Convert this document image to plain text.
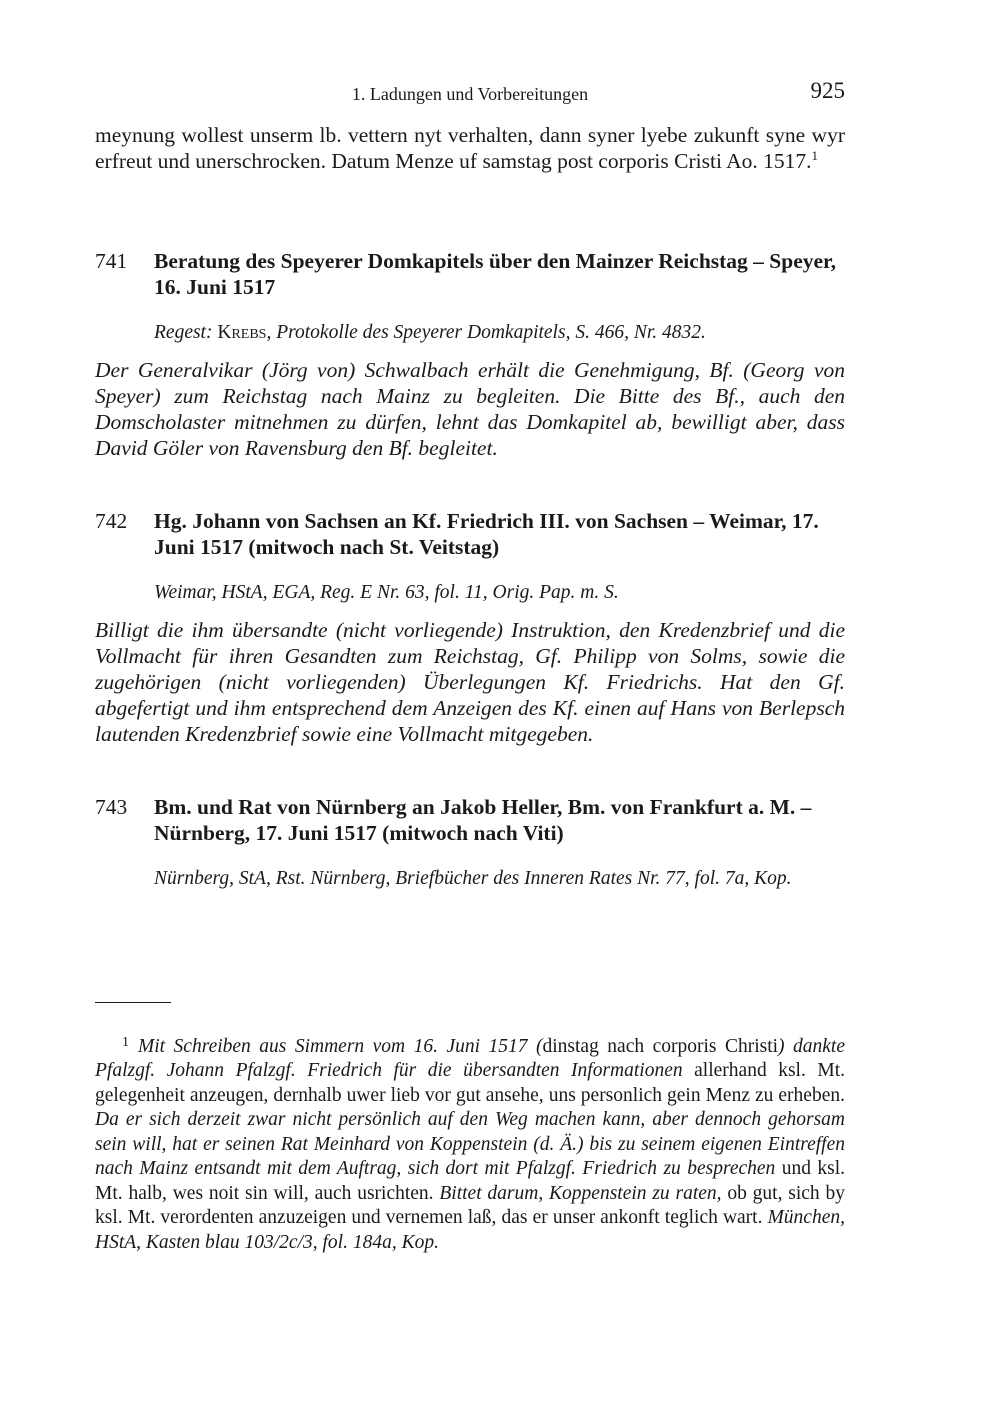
1. Ladungen und Vorbereitungen	925

meynung wollest unserm lb. vettern nyt verhalten, dann syner lyebe zukunft syne wyr erfreut und unerschrocken. Datum Menze uf samstag post corporis Cristi Ao. 1517.$^1$

741 Beratung des Speyerer Domkapitels über den Mainzer Reichstag – Speyer, 16. Juni 1517
Regest: Krebs, Protokolle des Speyerer Domkapitels, S. 466, Nr. 4832.

Der Generalvikar (Jörg von) Schwalbach erhält die Genehmigung, Bf. (Georg von Speyer) zum Reichstag nach Mainz zu begleiten. Die Bitte des Bf., auch den Domscholaster mitnehmen zu dürfen, lehnt das Domkapitel ab, bewilligt aber, dass David Göler von Ravensburg den Bf. begleitet.

742 Hg. Johann von Sachsen an Kf. Friedrich III. von Sachsen – Weimar, 17. Juni 1517 (mitwoch nach St. Veitstag)
Weimar, HStA, EGA, Reg. E Nr. 63, fol. 11, Orig. Pap. m. S.

Billigt die ihm übersandte (nicht vorliegende) Instruktion, den Kredenzbrief und die Vollmacht für ihren Gesandten zum Reichstag, Gf. Philipp von Solms, sowie die zugehörigen (nicht vorliegenden) Überlegungen Kf. Friedrichs. Hat den Gf. abgefertigt und ihm entsprechend dem Anzeigen des Kf. einen auf Hans von Berlepsch lautenden Kredenzbrief sowie eine Vollmacht mitgegeben.

743 Bm. und Rat von Nürnberg an Jakob Heller, Bm. von Frankfurt a. M. – Nürnberg, 17. Juni 1517 (mitwoch nach Viti)
Nürnberg, StA, Rst. Nürnberg, Briefbücher des Inneren Rates Nr. 77, fol. 7a, Kop.

$^1$ Mit Schreiben aus Simmern vom 16. Juni 1517 (dinstag nach corporis Christi) dankte Pfalzgf. Johann Pfalzgf. Friedrich für die übersandten Informationen allerhand ksl. Mt. gelegenheit anzeugen, dernhalb uwer lieb vor gut ansehe, uns personlich gein Menz zu erheben. Da er sich derzeit zwar nicht persönlich auf den Weg machen kann, aber dennoch gehorsam sein will, hat er seinen Rat Meinhard von Koppenstein (d. Ä.) bis zu seinem eigenen Eintreffen nach Mainz entsandt mit dem Auftrag, sich dort mit Pfalzgf. Friedrich zu besprechen und ksl. Mt. halb, wes noit sin will, auch usrichten. Bittet darum, Koppenstein zu raten, ob gut, sich by ksl. Mt. verordenten anzuzeigen und vernemen laß, das er unser ankonft teglich wart. München, HStA, Kasten blau 103/2c/3, fol. 184a, Kop.
